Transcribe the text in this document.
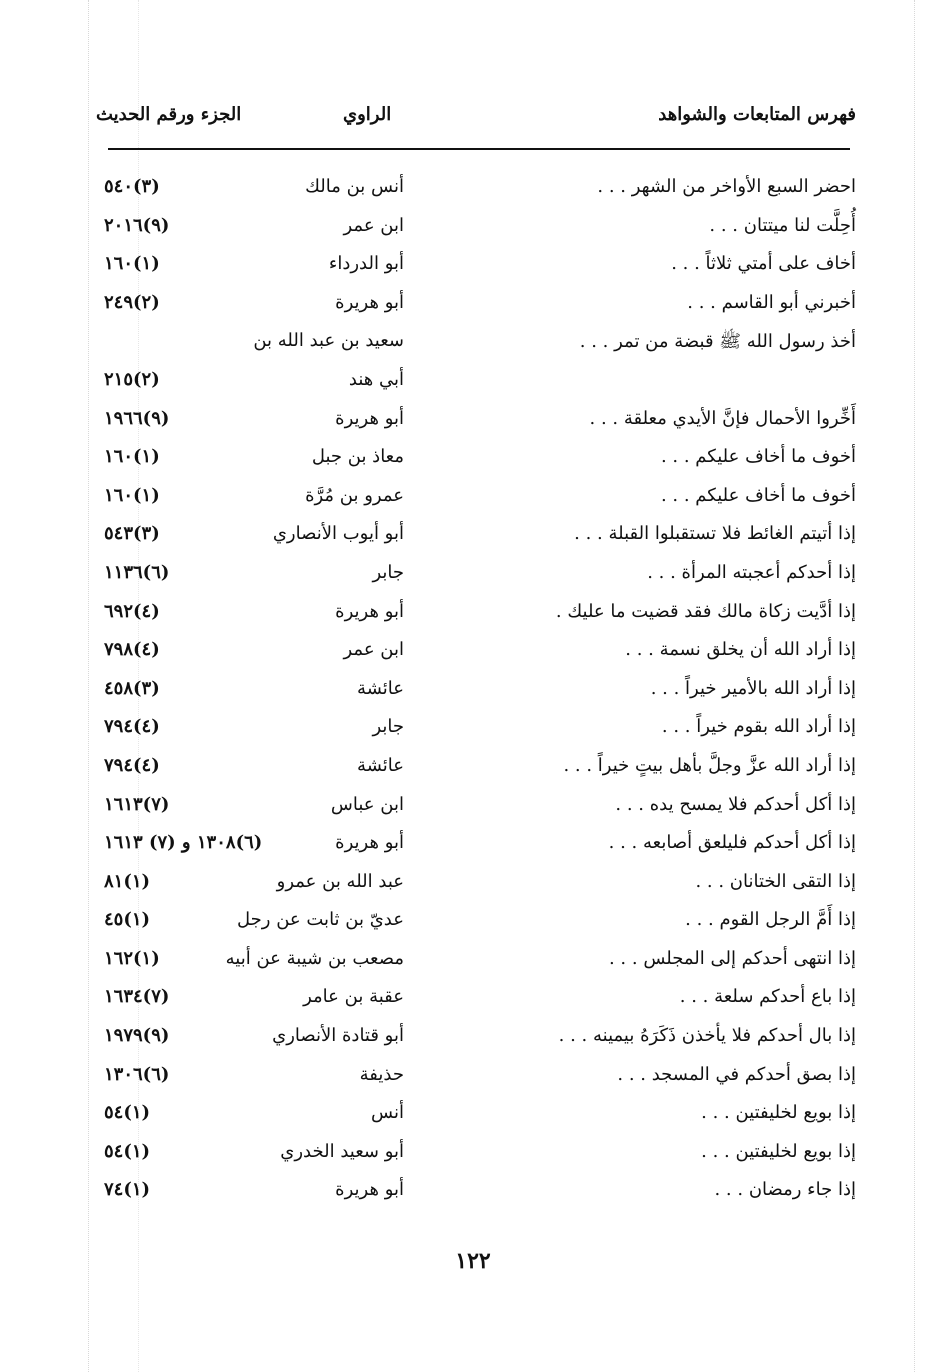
فهرس المتابعات والشواهد
الراوي
الجزء ورقم الحديث
احضر السبع الأواخر من الشهر . . .
أنس بن مالك
(٣)٥٤٠
أُحِلَّت لنا ميتتان . . .
ابن عمر
(٩)٢٠١٦
أخاف على أمتي ثلاثاً . . .
أبو الدرداء
(١)١٦٠
أخبرني أبو القاسم . . .
أبو هريرة
(٢)٢٤٩
أخذ رسول الله ﷺ قبضة من تمر . . .
سعيد بن عبد الله بن
أبي هند
(٢)٢١٥
أَخِّروا الأحمال فإنَّ الأيدي معلقة . . .
أبو هريرة
(٩)١٩٦٦
أخوف ما أخاف عليكم . . .
معاذ بن جبل
(١)١٦٠
أخوف ما أخاف عليكم . . .
عمرو بن مُرَّة
(١)١٦٠
إذا أتيتم الغائط فلا تستقبلوا القبلة . . .
أبو أيوب الأنصاري
(٣)٥٤٣
إذا أحدكم أعجبته المرأة . . .
جابر
(٦)١١٣٦
إذا أدَّيت زكاة مالك فقد قضيت ما عليك .
أبو هريرة
(٤)٦٩٢
إذا أراد الله أن يخلق نسمة . . .
ابن عمر
(٤)٧٩٨
إذا أراد الله بالأمير خيراً . . .
عائشة
(٣)٤٥٨
إذا أراد الله بقوم خيراً . . .
جابر
(٤)٧٩٤
إذا أراد الله عزَّ وجلَّ بأهل بيتٍ خيراً . . .
عائشة
(٤)٧٩٤
إذا أكل أحدكم فلا يمسح يده . . .
ابن عباس
(٧)١٦١٣
إذا أكل أحدكم فليلعق أصابعه . . .
أبو هريرة
(٦)١٣٠٨ و (٧) ١٦١٣
إذا التقى الختانان . . .
عبد الله بن عمرو
(١)٨١
إذا أَمَّ الرجل القوم . . .
عديّ بن ثابت عن رجل
(١)٤٥
إذا انتهى أحدكم إلى المجلس . . .
مصعب بن شيبة عن أبيه
(١)١٦٢
إذا باع أحدكم سلعة . . .
عقبة بن عامر
(٧)١٦٣٤
إذا بال أحدكم فلا يأخذن ذَكَرَهُ بيمينه . . .
أبو قتادة الأنصاري
(٩)١٩٧٩
إذا بصق أحدكم في المسجد . . .
حذيفة
(٦)١٣٠٦
إذا بويع لخليفتين . . .
أنس
(١)٥٤
إذا بويع لخليفتين . . .
أبو سعيد الخدري
(١)٥٤
إذا جاء رمضان . . .
أبو هريرة
(١)٧٤
١٢٢
